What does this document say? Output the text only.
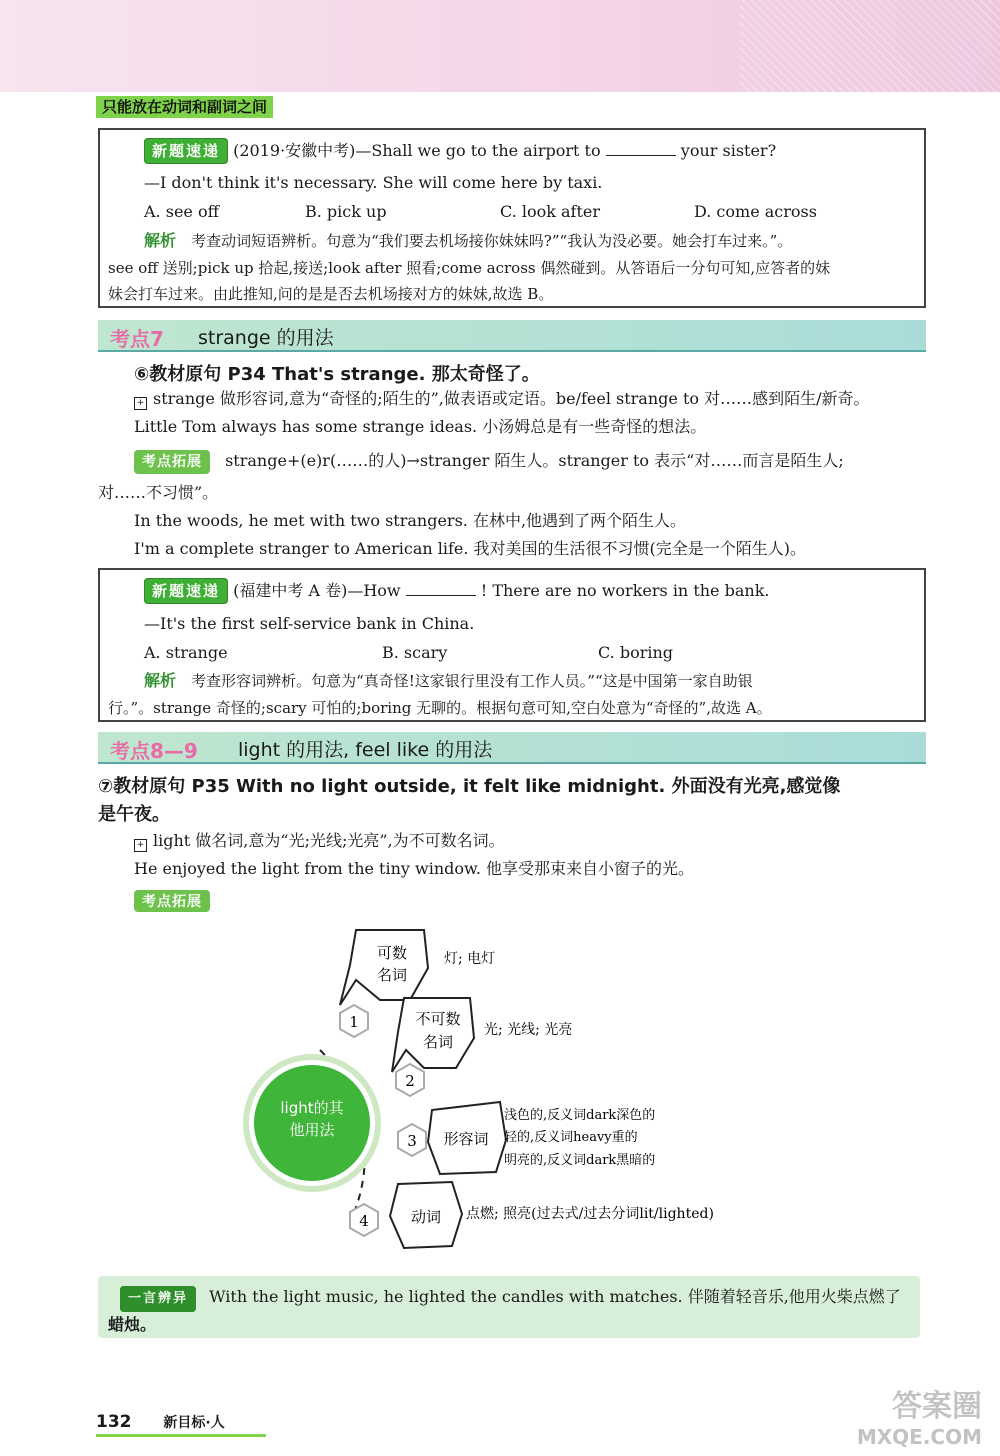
只能放在动词和副词之间
新题速递 (2019·安徽中考)—Shall we go to the airport to	your sister?
—I don't think it's necessary. She will come here by taxi.
A. see off	B. pick up	C. look after	D. come across
解析 考查动词短语辨析。句意为“我们要去机场接你妹妹吗?”“我认为没必要。她会打车过来。”。
see off 送别;pick up 拾起,接送;look after 照看;come across 偶然碰到。从答语后一分句可知,应答者的妹
妹会打车过来。由此推知,问的是是否去机场接对方的妹妹,故选 B。
考点7 strange 的用法
⑥教材原句 P34 That's strange. 那太奇怪了。
+ strange 做形容词,意为“奇怪的;陌生的”,做表语或定语。be/feel strange to 对……感到陌生/新奇。
Little Tom always has some strange ideas. 小汤姆总是有一些奇怪的想法。
考点拓展 strange+(e)r(……的人)→stranger 陌生人。stranger to 表示“对……而言是陌生人;
对……不习惯”。
In the woods, he met with two strangers. 在林中,他遇到了两个陌生人。
I'm a complete stranger to American life. 我对美国的生活很不习惯(完全是一个陌生人)。
新题速递 (福建中考 A 卷)—How	! There are no workers in the bank.
—It's the first self-service bank in China.
A. strange	B. scary	C. boring
解析 考查形容词辨析。句意为“真奇怪!这家银行里没有工作人员。”“这是中国第一家自助银
行。”。strange 奇怪的;scary 可怕的;boring 无聊的。根据句意可知,空白处意为“奇怪的”,故选 A。
考点8—9 light 的用法, feel like 的用法
⑦教材原句 P35 With no light outside, it felt like midnight. 外面没有光亮,感觉像
是午夜。
+ light 做名词,意为“光;光线;光亮”,为不可数名词。
He enjoyed the light from the tiny window. 他享受那束来自小窗子的光。
考点拓展
light的其
他用法
可数
名词
灯; 电灯
1	不可数
名词
光; 光线; 光亮
2
3 形容词
浅色的,反义词dark深色的
轻的,反义词heavy重的
明亮的,反义词dark黑暗的
4	动词 点燃; 照亮(过去式/过去分词lit/lighted)
一言辨异 With the light music, he lighted the candles with matches. 伴随着轻音乐,他用火柴点燃了
蜡烛。
132 新目标·人	答案圈
MXQE.COM
